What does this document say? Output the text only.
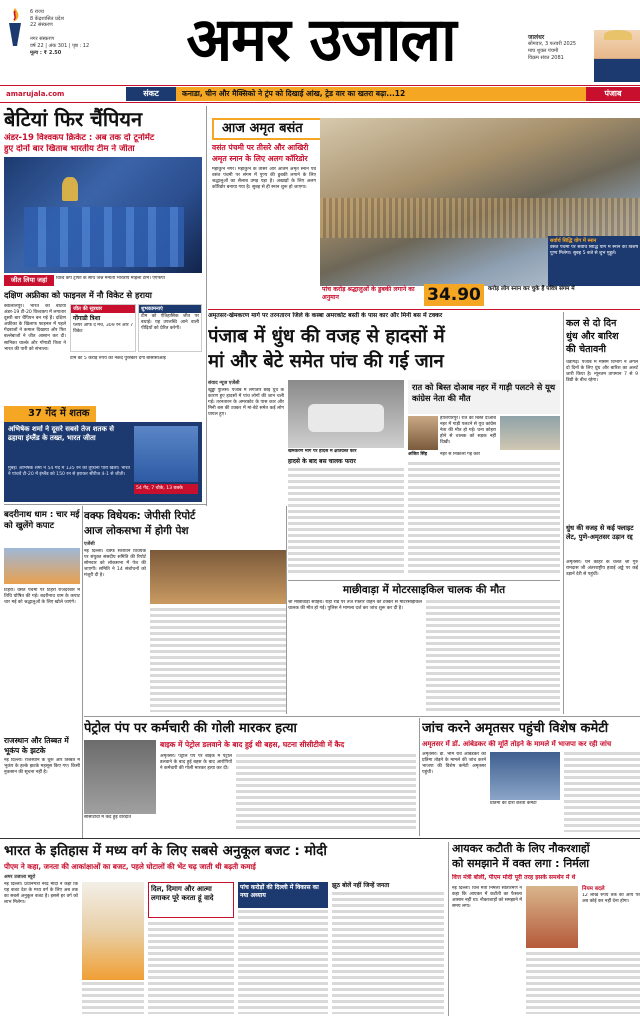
6 राज्य
8 केंद्रशासित प्रदेश
22 संस्करण
नगर संस्करण
वर्ष 22 | अंक 301 | पृष्ठ : 12
मूल्य : ₹ 2.50	अमर उजाला	जालंधर
सोमवार, 3 फरवरी 2025
माघ शुक्ल पंचमी
विक्रम संवत 2081
amarujala.com	संकट	कनाडा, चीन और मैक्सिको ने ट्रंप को दिखाई आंख, ट्रेड वार का खतरा बढ़ा...12	पंजाब
बेटियां फिर चैंपियन
अंडर-19 विश्वकप क्रिकेट : अब तक दो टूर्नामेंट
हुए दोनों बार खिताब भारतीय टीम ने जीता
जीत लिया जहां	विश्व कप ट्रॉफी के साथ जश्न मनाती भारतीय महिला टीम। एएफपी
दक्षिण अफ्रीका को फाइनल में नौ विकेट से हराया
क्वालालंपुर। भारत की बेटियां अंडर-19 टी-20 विश्वकप में लगातार दूसरी बार चैंपियन बन गई हैं। दक्षिण अफ्रीका के खिलाफ फाइनल में पहले गेंदबाजों ने कमाल दिखाया और फिर बल्लेबाजों ने जीत आसान कर दी। सानिका चाल्के और गोंगाडी त्रिशा ने भारत की पारी को संभाला।
जीत की सूत्रधार
गोंगाडी त्रिशा
प्लेयर ऑफ द मैच, 309 रन और 7 विकेट
शुभकामनाएं
टीम को ऐतिहासिक जीत पर बधाई। यह उपलब्धि आने वाली पीढ़ियों को प्रेरित करेगी।
टीम को 5 करोड़ रुपये का नकद पुरस्कार देगा बीसीसीआई
37 गेंद में शतक
अभिषेक शर्मा ने दूसरे सबसे तेज शतक से ढहाया इंग्लैंड के तख्त, भारत जीता
मुंबई। अभिषेक शर्मा ने 54 गेंद में 135 रन की तूफानी पारी खेली। भारत ने पांचवें टी-20 में इंग्लैंड को 150 रन से हराकर सीरीज 4-1 से जीती।
54 गेंद, 7 चौके, 13 छक्के
बदरीनाथ धाम : चार मई को खुलेंगे कपाट
टिहरी। वसंत पंचमी पर टिहरी राजदरबार में तिथि घोषित की गई। बदरीनाथ धाम के कपाट चार मई को श्रद्धालुओं के लिए खोले जाएंगे।
राजस्थान और तिब्बत में भूकंप के झटके
नई दिल्ली। राजस्थान के चूरू और तिब्बत में भूकंप के हल्के झटके महसूस किए गए। किसी नुकसान की सूचना नहीं है।
वक्फ विधेयक: जेपीसी रिपोर्ट
आज लोकसभा में होगी पेश
एजेंसी
नई दिल्ली। वक्फ संशोधन विधेयक पर संयुक्त संसदीय समिति की रिपोर्ट सोमवार को लोकसभा में पेश की जाएगी। समिति ने 14 संशोधनों को मंजूरी दी है।
आज अमृत बसंत
वसंत पंचमी पर तीसरे और आखिरी
अमृत स्नान के लिए अलग कॉरिडोर
महाकुंभ नगर। महाकुंभ के तीसरे और अंतिम अमृत स्नान पर्व वसंत पंचमी पर संगम में पुण्य की डुबकी लगाने के लिए श्रद्धालुओं का सैलाब उमड़ पड़ा है। अखाड़ों के लिए अलग कॉरिडोर बनाया गया है। सुबह से ही स्नान शुरू हो जाएगा।
सर्वार्थ सिद्धि योग में स्नान
वसंत पंचमी पर सर्वार्थ सिद्धि योग में स्नान का विशेष पुण्य मिलेगा। सुबह 5 बजे से शुभ मुहूर्त।
पांच करोड़ श्रद्धालुओं के डुबकी लगाने का अनुमान	34.90	करोड़ लोग स्नान कर चुके हैं पवित्र संगम में
अमृतसर-खेमकरण मार्ग पर तरनतारन जिले के कस्बा अमरकोट बस्ती के पास कार और मिनी बस में टक्कर
पंजाब में धुंध की वजह से हादसों में
मां और बेटे समेत पांच की गई जान
संवाद न्यूज एजेंसी
खुड्डा पुलिस। पंजाब में लगातार छाई धुंध के कारण हुए हादसों में पांच लोगों की जान चली गई। तरनतारन के अमरकोट के पास कार और मिनी बस की टक्कर में मां-बेटे समेत कई लोग घायल हुए।
खेमकरण मार्ग पर हादसे में क्षतिग्रस्त कार
हादसे के बाद बस चालक फरार
रात को बिस्त दोआब नहर में गाड़ी पलटने से यूथ कांग्रेस नेता की मौत
अजित सिंह	नहर से निकाली गई कार
होशियारपुर। रात को बिस्त दोआब नहर में गाड़ी पलटने से यूथ कांग्रेस नेता की मौत हो गई। घना कोहरा होने से चालक को सड़क नहीं दिखी।
माछीवाड़ा में मोटरसाइकिल चालक की मौत
श्री माछीवाड़ा साहिब। राहों रोड पर तेज रफ्तार वाहन की टक्कर से मोटरसाइकिल चालक की मौत हो गई। पुलिस ने मामला दर्ज कर जांच शुरू कर दी है।
कल से दो दिन
धुंध और बारिश
की चेतावनी
चंडीगढ़। पंजाब में मौसम विभाग ने अगले दो दिनों के लिए धुंध और बारिश का अलर्ट जारी किया है। न्यूनतम तापमान 7 से 9 डिग्री के बीच रहेगा।
धुंध की वजह से कई फ्लाइट लेट, पुणे-अमृतसर उड़ान रद्द
अमृतसर। घने कोहरे के चलते श्री गुरु रामदास जी अंतरराष्ट्रीय हवाई अड्डे पर कई उड़ानें देरी से पहुंचीं।
पेट्रोल पंप पर कर्मचारी की गोली मारकर हत्या
बाइक में पेट्रोल डलवाने के बाद हुई थी बहस, घटना सीसीटीवी में कैद
सीसीटीवी में कैद हुई वारदात
अमृतसर। पेट्रोल पंप पर बाइक में पेट्रोल डलवाने के बाद हुई बहस के बाद आरोपियों ने कर्मचारी की गोली मारकर हत्या कर दी।
जांच करने अमृतसर पहुंची विशेष कमेटी
अमृतसर में डॉ. आंबेडकर की मूर्ति तोड़ने के मामले में भाजपा कर रही जांच
अमृतसर। डॉ. भीम राव आंबेडकर की प्रतिमा तोड़ने के मामले की जांच करने भाजपा की विशेष कमेटी अमृतसर पहुंची।
प्रतिमा का दौरा करती कमेटी
भारत के इतिहास में मध्य वर्ग के लिए सबसे अनुकूल बजट : मोदी
पीएम ने कहा, जनता की आकांक्षाओं का बजट, पहले घोटालों की भेंट चढ़ जाती थी बढ़ती कमाई
अमर उजाला ब्यूरो
नई दिल्ली। प्रधानमंत्री नरेंद्र मोदी ने कहा कि यह बजट देश के मध्य वर्ग के लिए अब तक का सबसे अनुकूल बजट है। इससे हर वर्ग को लाभ मिलेगा।
दिल, दिमाग और आत्मा लगाकर पूरे करता हूं वादे
पांच करोड़ों की दिल्ली में विकास का नया अध्याय
झूठ बोलें नहीं जिन्हें जनता
आयकर कटौती के लिए नौकरशाहों
को समझाने में वक्त लगा : निर्मला
वित्त मंत्री बोलीं, पीएम मोदी पूरी तरह इसके समर्थन में थे
नई दिल्ली। वित्त मंत्री निर्मला सीतारमण ने कहा कि आयकर में कटौती का फैसला आसान नहीं था। नौकरशाहों को समझाने में समय लगा।
नियम बदले
12 लाख रुपये तक की आय पर अब कोई कर नहीं देना होगा।
